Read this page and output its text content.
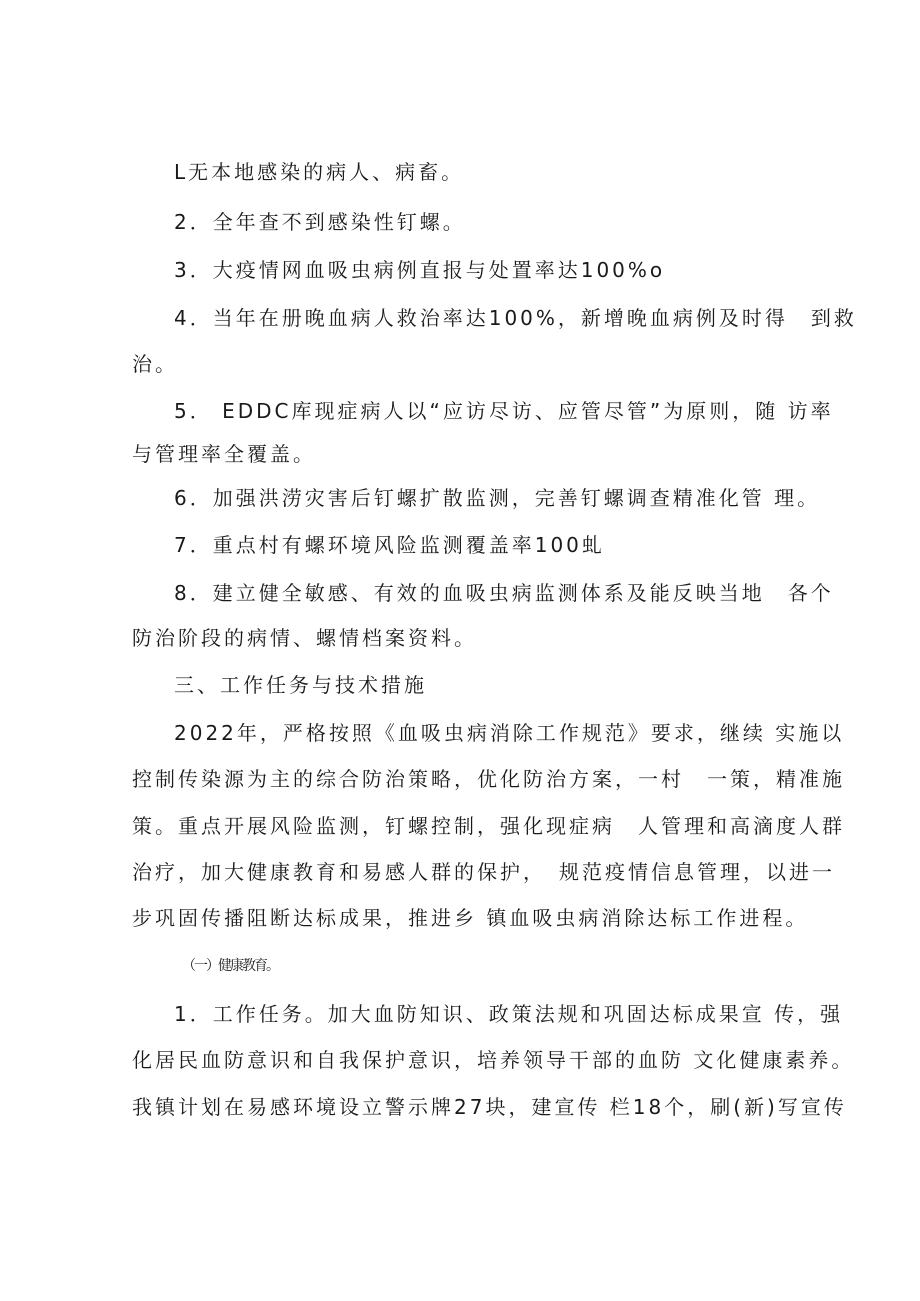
L无本地感染的病人、病畜。
2．全年查不到感染性钉螺。
3．大疫情网血吸虫病例直报与处置率达100%o
4．当年在册晚血病人救治率达100%，新增晚血病例及时得　到救
治。
5． EDDC库现症病人以“应访尽访、应管尽管”为原则，随 访率
与管理率全覆盖。
6．加强洪涝灾害后钉螺扩散监测，完善钉螺调查精准化管 理。
7．重点村有螺环境风险监测覆盖率100虬
8．建立健全敏感、有效的血吸虫病监测体系及能反映当地　各个
防治阶段的病情、螺情档案资料。
三、工作任务与技术措施
2022年，严格按照《血吸虫病消除工作规范》要求，继续 实施以
控制传染源为主的综合防治策略，优化防治方案，一村　一策，精准施
策。重点开展风险监测，钉螺控制，强化现症病　人管理和高滴度人群
治疗，加大健康教育和易感人群的保护，　规范疫情信息管理，以进一
步巩固传播阻断达标成果，推进乡 镇血吸虫病消除达标工作进程。
（一）健康教育。
1．工作任务。加大血防知识、政策法规和巩固达标成果宣 传，强
化居民血防意识和自我保护意识，培养领导干部的血防 文化健康素养。
我镇计划在易感环境设立警示牌27块，建宣传 栏18个，刷(新)写宣传
